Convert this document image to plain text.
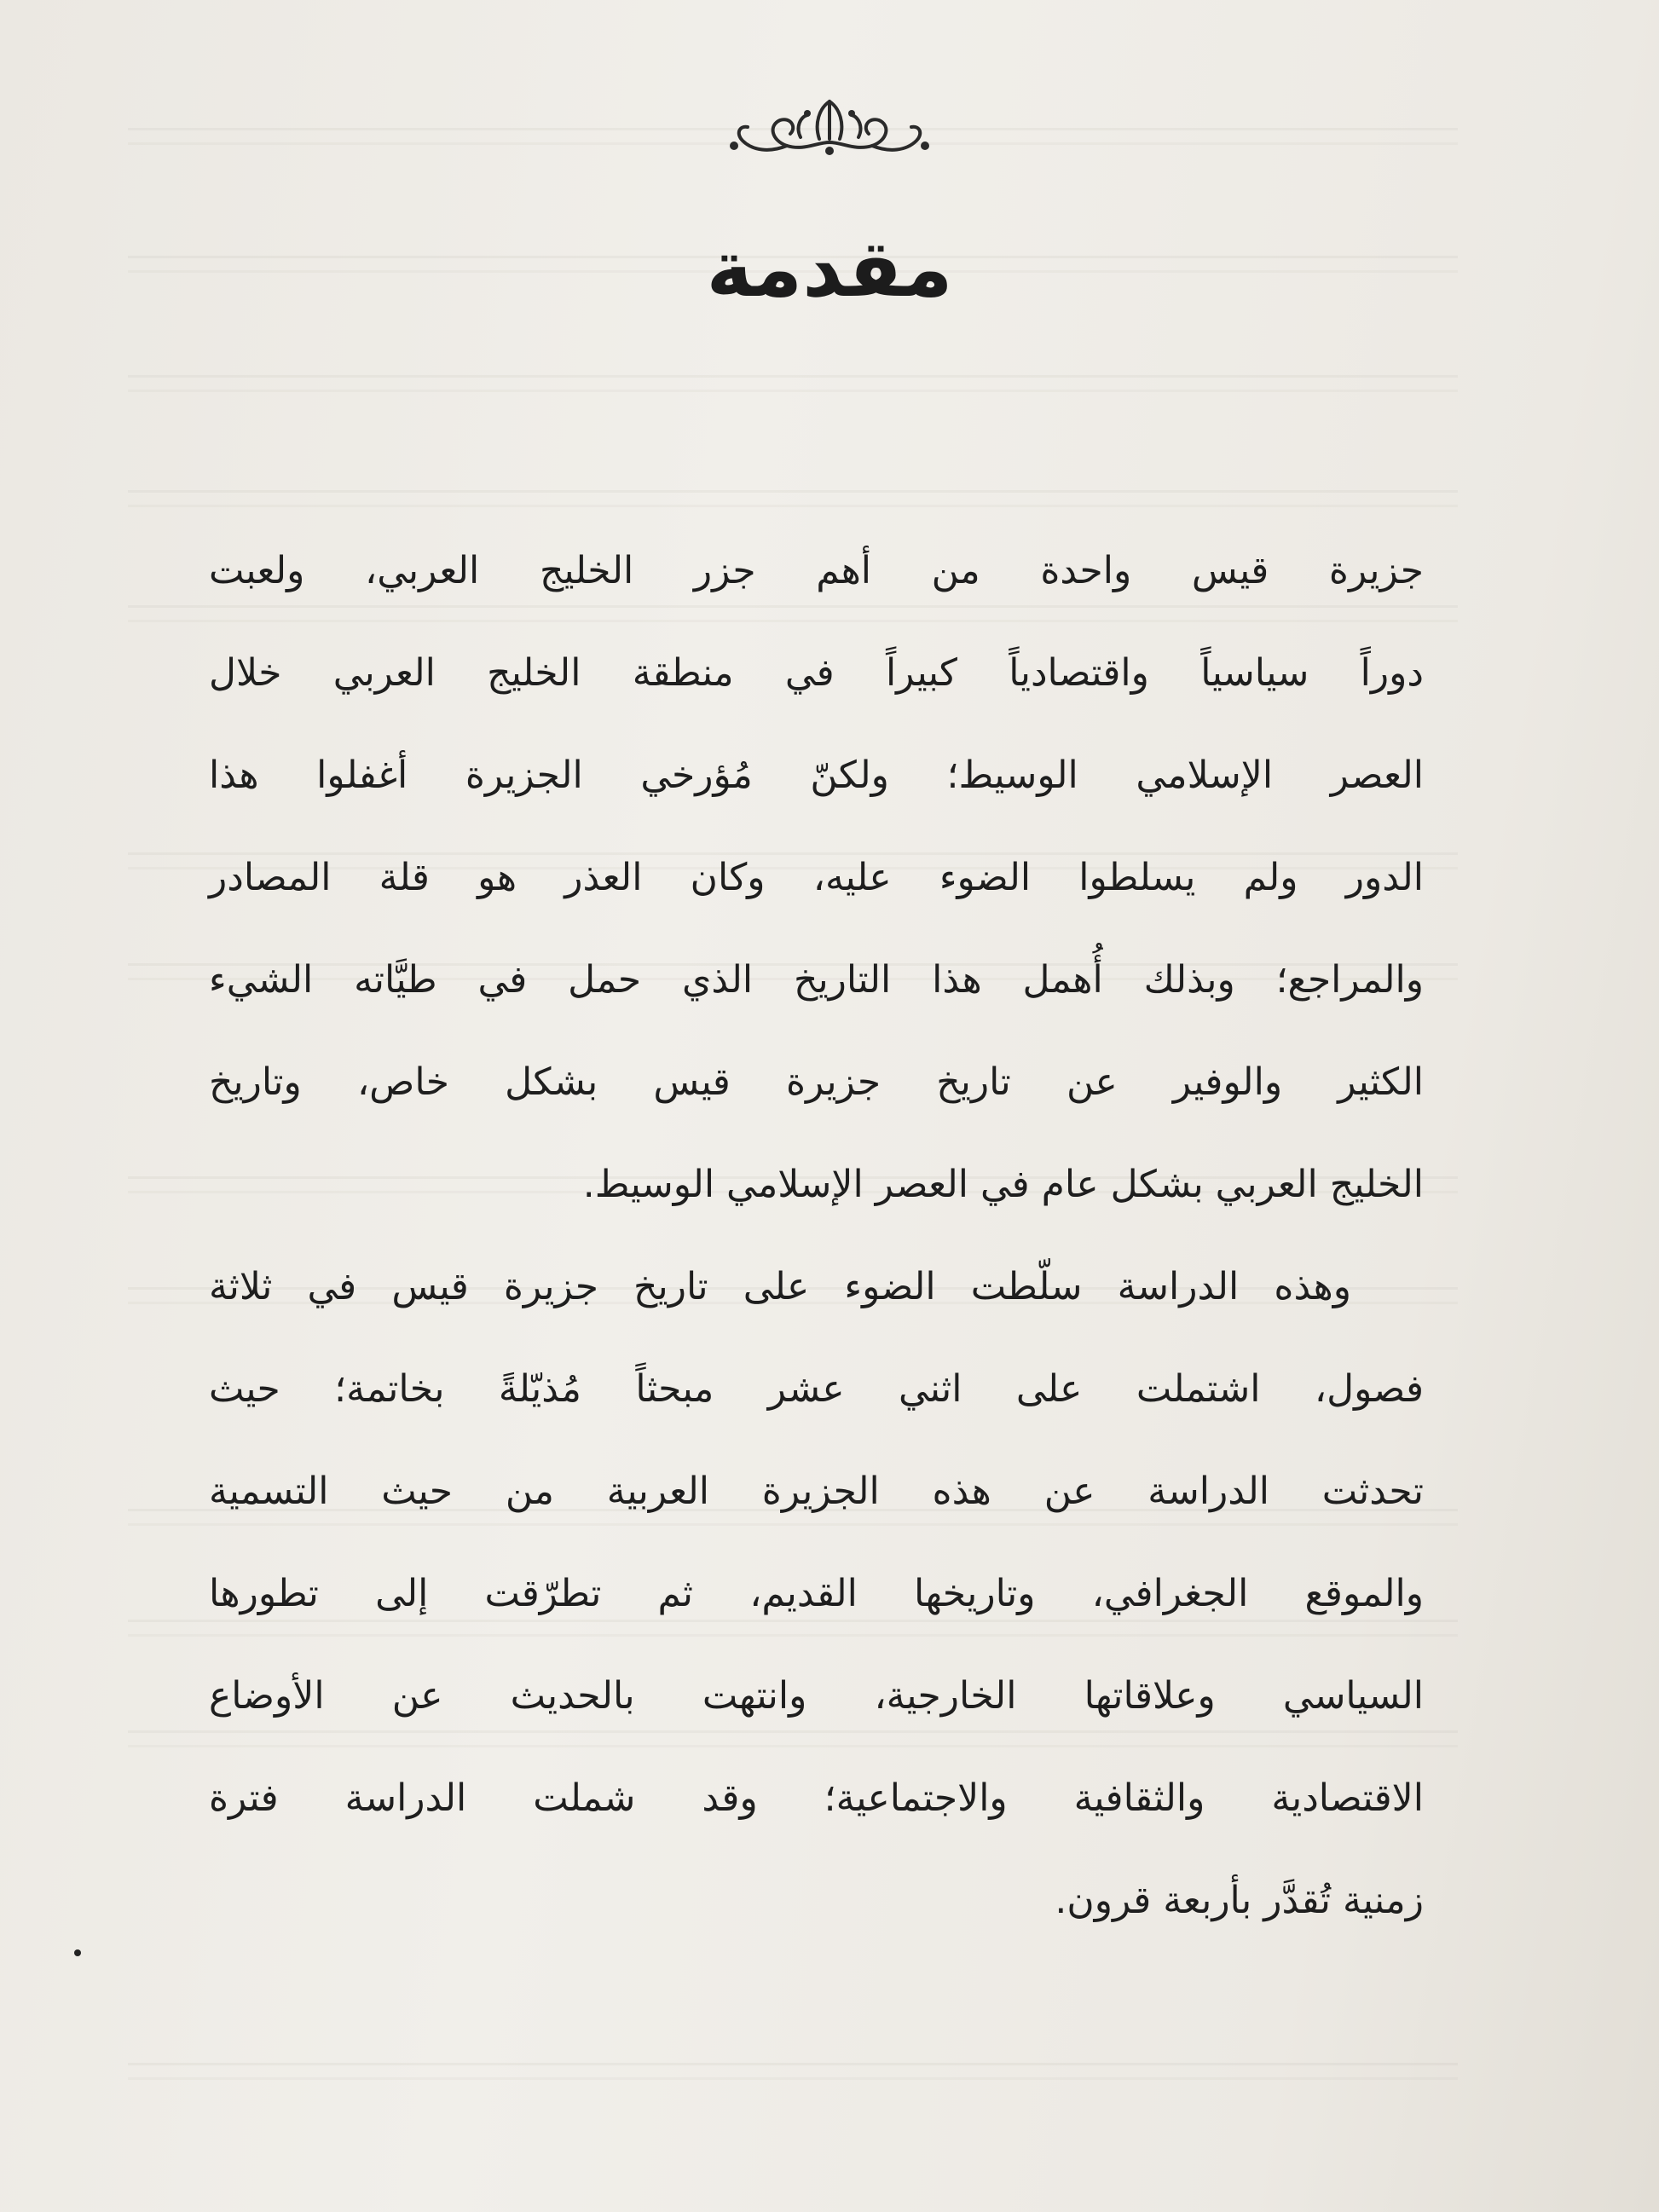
مقدمة
جزيرة قيس واحدة من أهم جزر الخليج العربي، ولعبت
دوراً سياسياً واقتصادياً كبيراً في منطقة الخليج العربي خلال
العصر الإسلامي الوسيط؛ ولكنّ مُؤرخي الجزيرة أغفلوا هذا
الدور ولم يسلطوا الضوء عليه، وكان العذر هو قلة المصادر
والمراجع؛ وبذلك أُهمل هذا التاريخ الذي حمل في طيَّاته الشيء
الكثير والوفير عن تاريخ جزيرة قيس بشكل خاص، وتاريخ
الخليج العربي بشكل عام في العصر الإسلامي الوسيط.
وهذه الدراسة سلّطت الضوء على تاريخ جزيرة قيس في ثلاثة
فصول، اشتملت على اثني عشر مبحثاً مُذيّلةً بخاتمة؛ حيث
تحدثت الدراسة عن هذه الجزيرة العربية من حيث التسمية
والموقع الجغرافي، وتاريخها القديم، ثم تطرّقت إلى تطورها
السياسي وعلاقاتها الخارجية، وانتهت بالحديث عن الأوضاع
الاقتصادية والثقافية والاجتماعية؛ وقد شملت الدراسة فترة
زمنية تُقدَّر بأربعة قرون.
